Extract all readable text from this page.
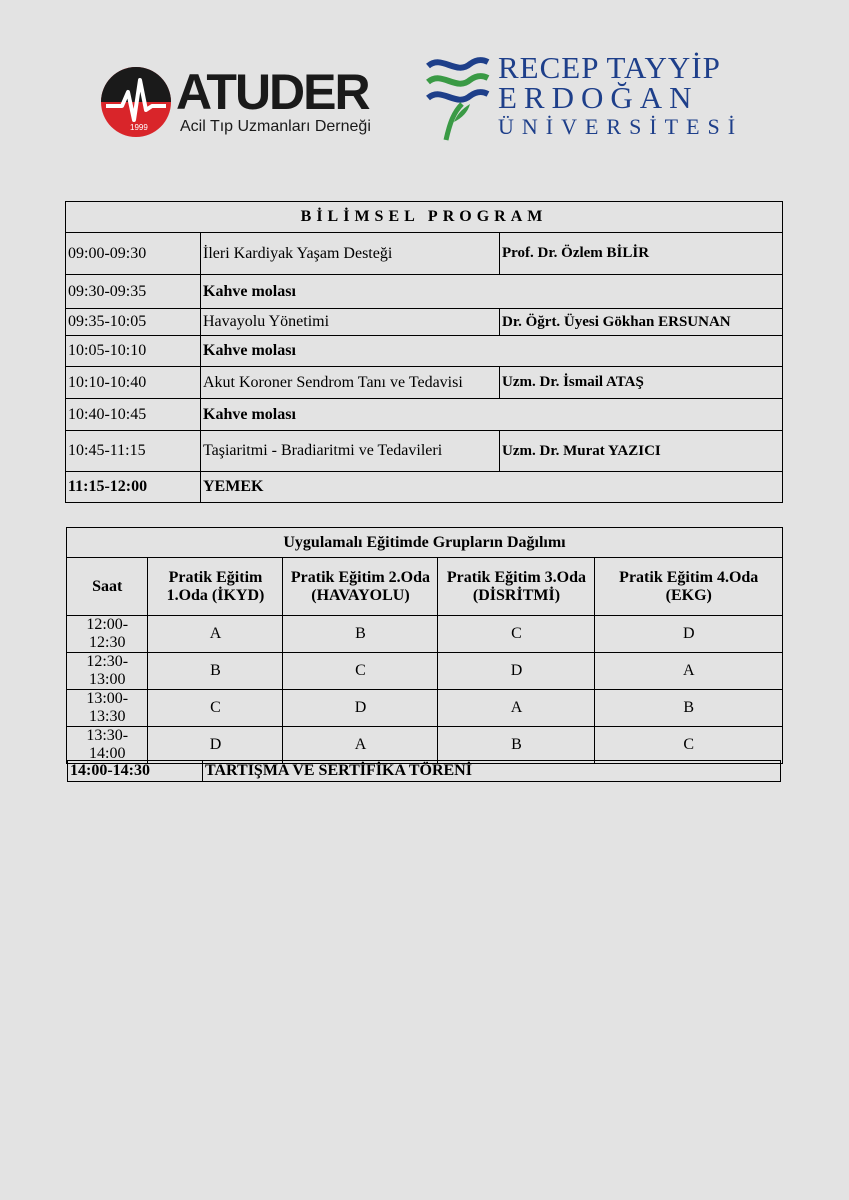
1999
ATUDER
Acil Tıp Uzmanları Derneği
RECEP TAYYİP
ERDOĞAN
ÜNİVERSİTESİ
BİLİMSEL PROGRAM		
09:00-09:30	İleri Kardiyak Yaşam Desteği	Prof. Dr. Özlem BİLİR
09:30-09:35	Kahve molası	
09:35-10:05	Havayolu Yönetimi	Dr. Öğrt. Üyesi Gökhan ERSUNAN
10:05-10:10	Kahve molası	
10:10-10:40	Akut Koroner Sendrom Tanı ve Tedavisi	Uzm. Dr. İsmail ATAŞ
10:40-10:45	Kahve molası	
10:45-11:15	Taşiaritmi - Bradiaritmi ve Tedavileri	Uzm. Dr. Murat YAZICI
11:15-12:00	YEMEK	
Uygulamalı Eğitimde Grupların Dağılımı				
Saat	Pratik Eğitim 1.Oda (İKYD)	Pratik Eğitim 2.Oda (HAVAYOLU)	Pratik Eğitim 3.Oda (DİSRİTMİ)	Pratik Eğitim 4.Oda (EKG)
12:00-12:30	A	B	C	D
12:30-13:00	B	C	D	A
13:00-13:30	C	D	A	B
13:30-14:00	D	A	B	C
14:00-14:30	TARTIŞMA VE SERTİFİKA TÖRENİ
